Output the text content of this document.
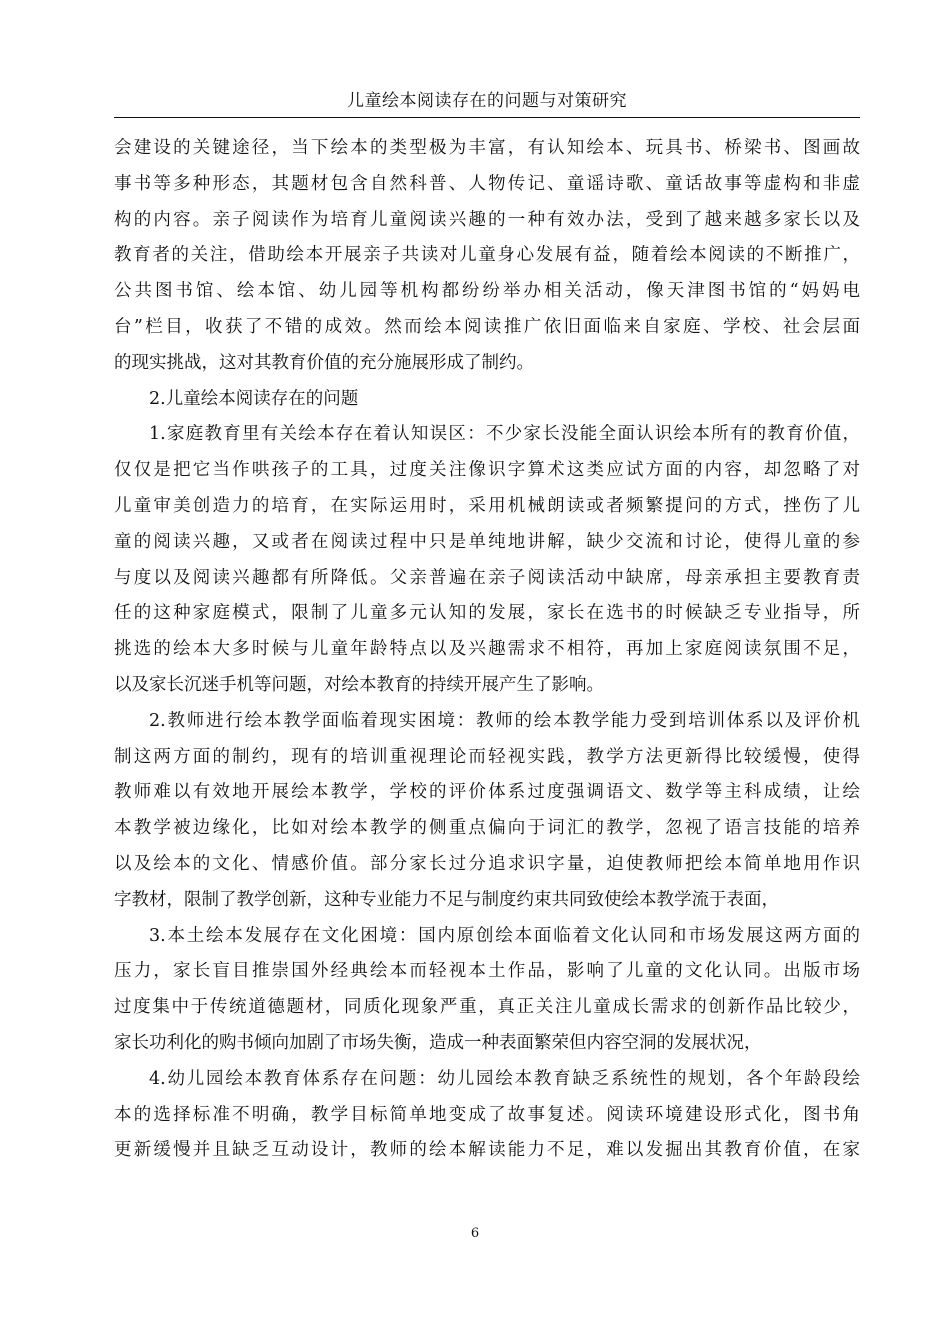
儿童绘本阅读存在的问题与对策研究
会建设的关键途径，当下绘本的类型极为丰富，有认知绘本、玩具书、桥梁书、图画故
事书等多种形态，其题材包含自然科普、人物传记、童谣诗歌、童话故事等虚构和非虚
构的内容。亲子阅读作为培育儿童阅读兴趣的一种有效办法，受到了越来越多家长以及
教育者的关注，借助绘本开展亲子共读对儿童身心发展有益，随着绘本阅读的不断推广，
公共图书馆、绘本馆、幼儿园等机构都纷纷举办相关活动，像天津图书馆的“妈妈电
台”栏目，收获了不错的成效。然而绘本阅读推广依旧面临来自家庭、学校、社会层面
的现实挑战，这对其教育价值的充分施展形成了制约。
2.儿童绘本阅读存在的问题
1.家庭教育里有关绘本存在着认知误区：不少家长没能全面认识绘本所有的教育价值，
仅仅是把它当作哄孩子的工具，过度关注像识字算术这类应试方面的内容，却忽略了对
儿童审美创造力的培育，在实际运用时，采用机械朗读或者频繁提问的方式，挫伤了儿
童的阅读兴趣，又或者在阅读过程中只是单纯地讲解，缺少交流和讨论，使得儿童的参
与度以及阅读兴趣都有所降低。父亲普遍在亲子阅读活动中缺席，母亲承担主要教育责
任的这种家庭模式，限制了儿童多元认知的发展，家长在选书的时候缺乏专业指导，所
挑选的绘本大多时候与儿童年龄特点以及兴趣需求不相符，再加上家庭阅读氛围不足，
以及家长沉迷手机等问题，对绘本教育的持续开展产生了影响。
2.教师进行绘本教学面临着现实困境：教师的绘本教学能力受到培训体系以及评价机
制这两方面的制约，现有的培训重视理论而轻视实践，教学方法更新得比较缓慢，使得
教师难以有效地开展绘本教学，学校的评价体系过度强调语文、数学等主科成绩，让绘
本教学被边缘化，比如对绘本教学的侧重点偏向于词汇的教学，忽视了语言技能的培养
以及绘本的文化、情感价值。部分家长过分追求识字量，迫使教师把绘本简单地用作识
字教材，限制了教学创新，这种专业能力不足与制度约束共同致使绘本教学流于表面，
3.本土绘本发展存在文化困境：国内原创绘本面临着文化认同和市场发展这两方面的
压力，家长盲目推崇国外经典绘本而轻视本土作品，影响了儿童的文化认同。出版市场
过度集中于传统道德题材，同质化现象严重，真正关注儿童成长需求的创新作品比较少，
家长功利化的购书倾向加剧了市场失衡，造成一种表面繁荣但内容空洞的发展状况，
4.幼儿园绘本教育体系存在问题：幼儿园绘本教育缺乏系统性的规划，各个年龄段绘
本的选择标准不明确，教学目标简单地变成了故事复述。阅读环境建设形式化，图书角
更新缓慢并且缺乏互动设计，教师的绘本解读能力不足，难以发掘出其教育价值，在家
6
